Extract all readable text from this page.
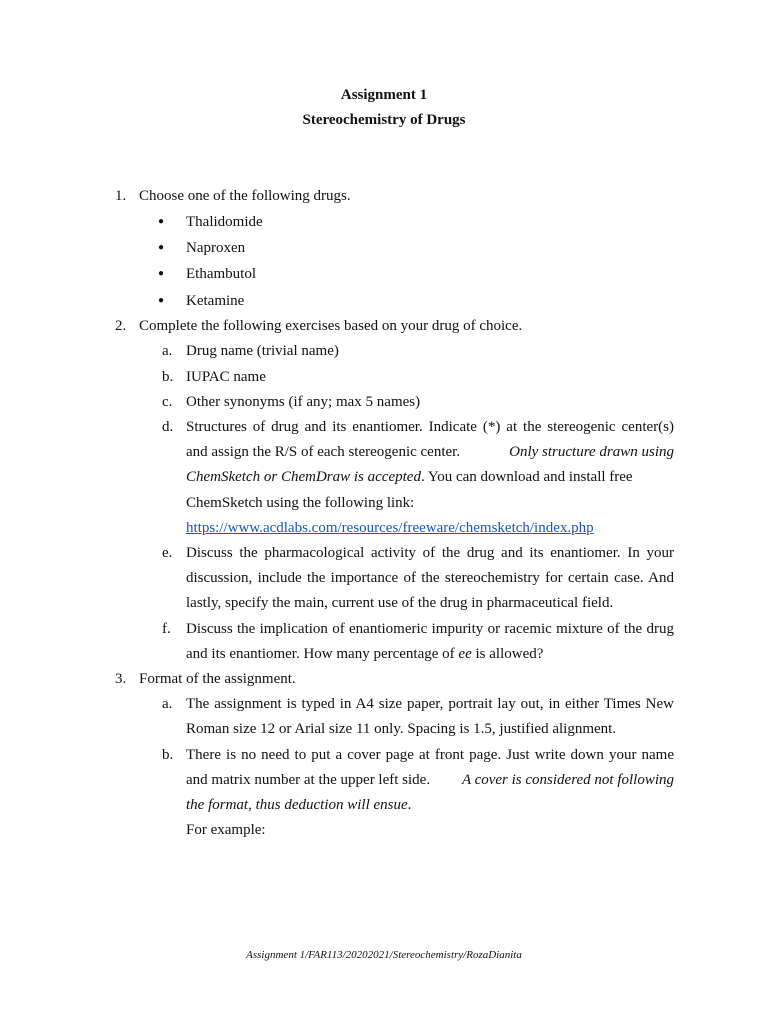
Assignment 1
Stereochemistry of Drugs
1. Choose one of the following drugs.
● Thalidomide
● Naproxen
● Ethambutol
● Ketamine
2. Complete the following exercises based on your drug of choice.
a. Drug name (trivial name)
b. IUPAC name
c. Other synonyms (if any; max 5 names)
d. Structures of drug and its enantiomer. Indicate (*) at the stereogenic center(s)
and assign the R/S of each stereogenic center.	Only structure drawn using
ChemSketch or ChemDraw is accepted. You can download and install free
ChemSketch using the following link:
https://www.acdlabs.com/resources/freeware/chemsketch/index.php
e. Discuss the pharmacological activity of the drug and its enantiomer. In your
discussion, include the importance of the stereochemistry for certain case. And
lastly, specify the main, current use of the drug in pharmaceutical field.
f. Discuss the implication of enantiomeric impurity or racemic mixture of the drug
and its enantiomer. How many percentage of ee is allowed?
3. Format of the assignment.
a. The assignment is typed in A4 size paper, portrait lay out, in either Times New
Roman size 12 or Arial size 11 only. Spacing is 1.5, justified alignment.
b. There is no need to put a cover page at front page. Just write down your name
and matrix number at the upper left side. A cover is considered not following
the format, thus deduction will ensue.
For example:
Assignment 1/FAR113/20202021/Stereochemistry/RozaDianita
